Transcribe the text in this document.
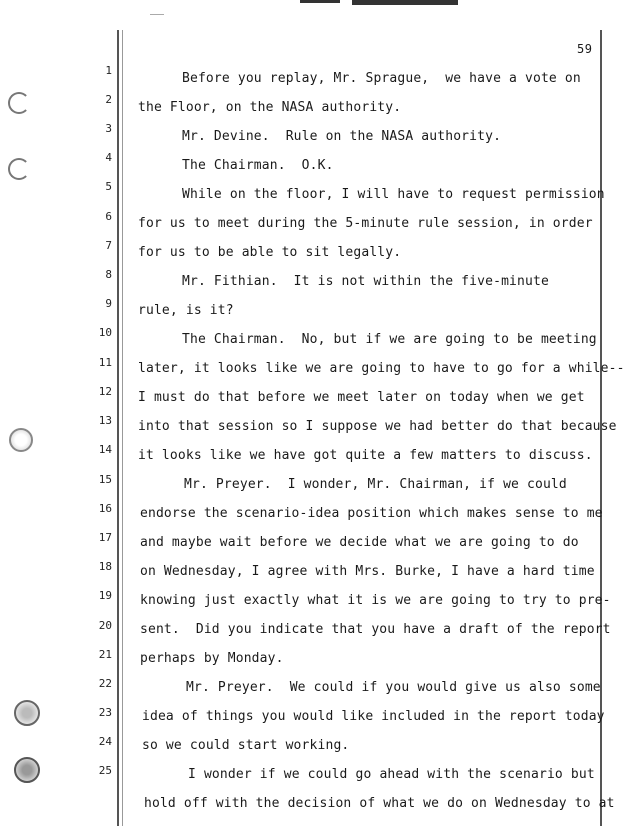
59
1
2
3
4
5
6
7
8
9
10
11
12
13
14
15
16
17
18
19
20
21
22
23
24
25
Before you replay, Mr. Sprague,  we have a vote on
the Floor, on the NASA authority.
Mr. Devine.  Rule on the NASA authority.
The Chairman.  O.K.
While on the floor, I will have to request permission
for us to meet during the 5-minute rule session, in order
for us to be able to sit legally.
Mr. Fithian.  It is not within the five-minute
rule, is it?
The Chairman.  No, but if we are going to be meeting
later, it looks like we are going to have to go for a while--
I must do that before we meet later on today when we get
into that session so I suppose we had better do that because
it looks like we have got quite a few matters to discuss.
Mr. Preyer.  I wonder, Mr. Chairman, if we could
endorse the scenario-idea position which makes sense to me
and maybe wait before we decide what we are going to do
on Wednesday, I agree with Mrs. Burke, I have a hard time
knowing just exactly what it is we are going to try to pre-
sent.  Did you indicate that you have a draft of the report
perhaps by Monday.
Mr. Preyer.  We could if you would give us also some
idea of things you would like included in the report today
so we could start working.
I wonder if we could go ahead with the scenario but
hold off with the decision of what we do on Wednesday to at
